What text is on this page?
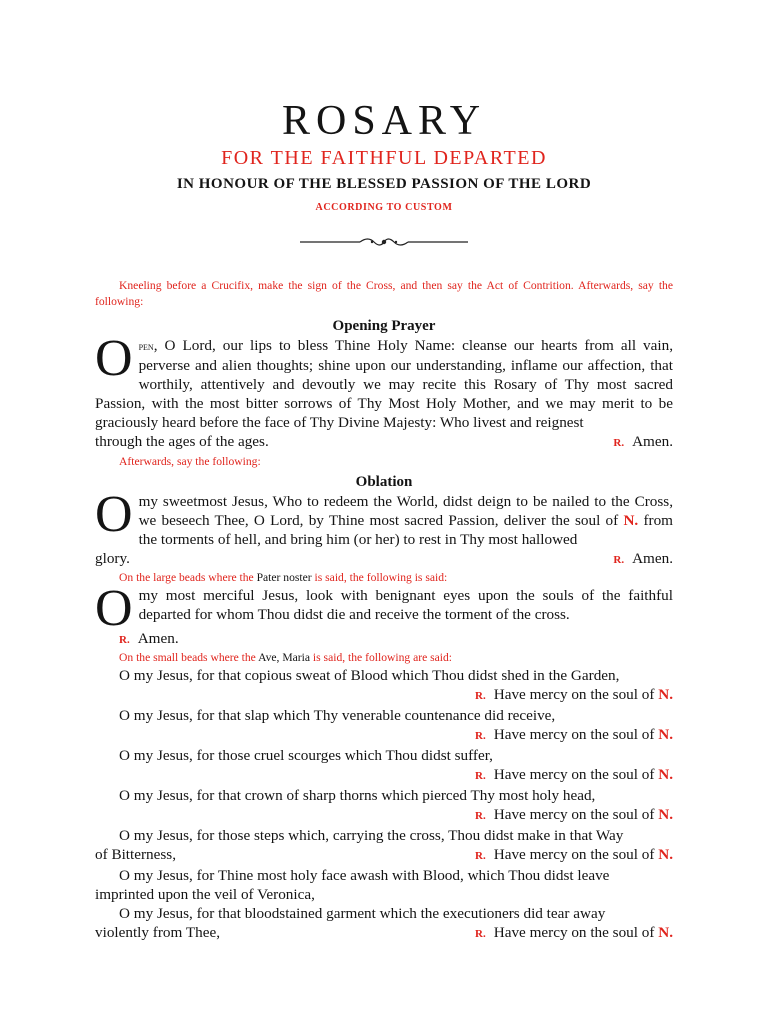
ROSARY
FOR THE FAITHFUL DEPARTED
IN HONOUR OF THE BLESSED PASSION OF THE LORD
ACCORDING TO CUSTOM

Kneeling before a Crucifix, make the sign of the Cross, and then say the Act of Contrition. Afterwards, say the following:

Opening Prayer

Open, O Lord, our lips to bless Thine Holy Name: cleanse our hearts from all vain, perverse and alien thoughts; shine upon our understanding, inflame our affection, that worthily, attentively and devoutly we may recite this Rosary of Thy most sacred Passion, with the most bitter sorrows of Thy Most Holy Mother, and we may merit to be graciously heard before the face of Thy Divine Majesty: Who livest and reignest
through the ages of the ages.	R. Amen.

Afterwards, say the following:

Oblation

O my sweetmost Jesus, Who to redeem the World, didst deign to be nailed to the Cross, we beseech Thee, O Lord, by Thine most sacred Passion, deliver the soul of N. from the torments of hell, and bring him (or her) to rest in Thy most hallowed
glory.	R. Amen.

On the large beads where the Pater noster is said, the following is said:

O my most merciful Jesus, look with benignant eyes upon the souls of the faithful departed for whom Thou didst die and receive the torment of the cross.
R. Amen.

On the small beads where the Ave, Maria is said, the following are said:

O my Jesus, for that copious sweat of Blood which Thou didst shed in the Garden,
R. Have mercy on the soul of N.
O my Jesus, for that slap which Thy venerable countenance did receive,
R. Have mercy on the soul of N.
O my Jesus, for those cruel scourges which Thou didst suffer,
R. Have mercy on the soul of N.
O my Jesus, for that crown of sharp thorns which pierced Thy most holy head,
R. Have mercy on the soul of N.
O my Jesus, for those steps which, carrying the cross, Thou didst make in that Way
of Bitterness,	R. Have mercy on the soul of N.
O my Jesus, for Thine most holy face awash with Blood, which Thou didst leave
imprinted upon the veil of Veronica,
O my Jesus, for that bloodstained garment which the executioners did tear away
violently from Thee,	R. Have mercy on the soul of N.
